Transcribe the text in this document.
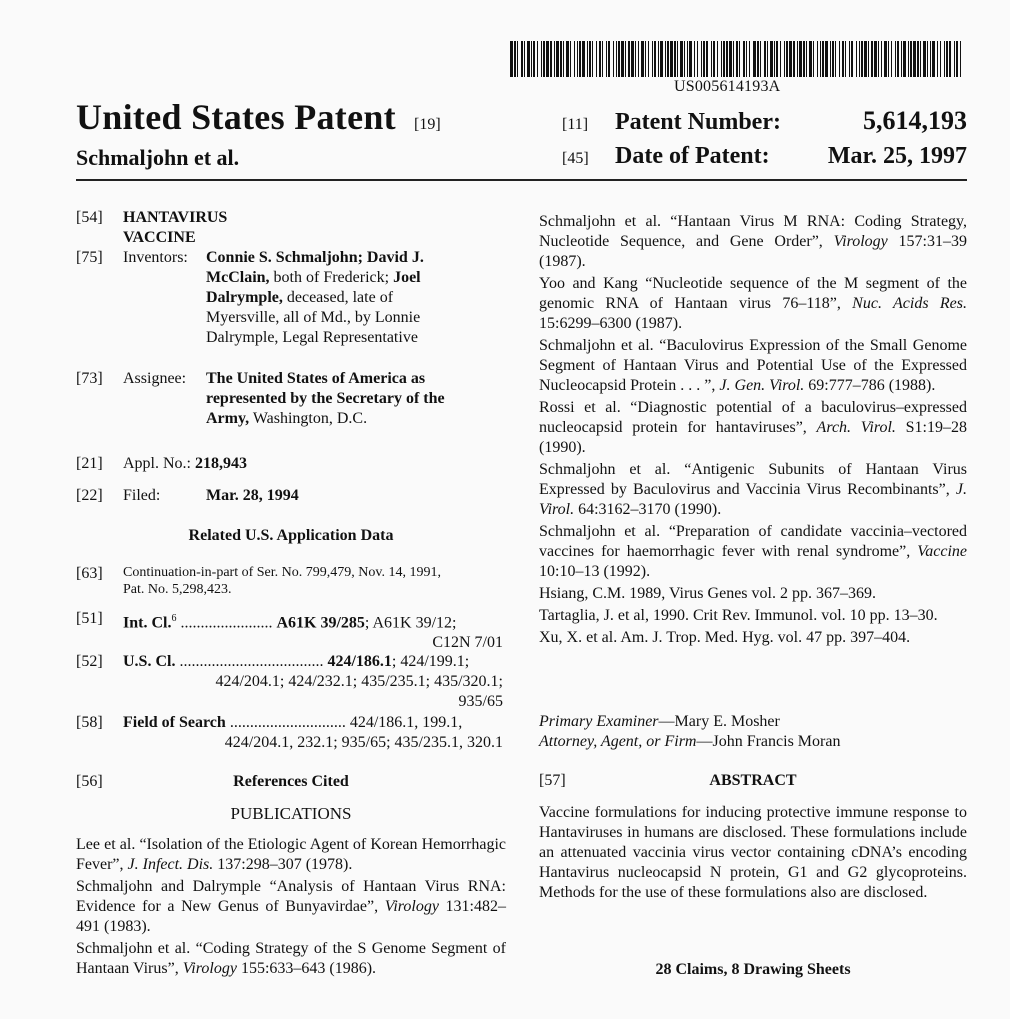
US005614193A
United States Patent [19]
Schmaljohn et al.
[11] Patent Number:	5,614,193
[45] Date of Patent:	Mar. 25, 1997
[54] HANTAVIRUS VACCINE
[75] Inventors: Connie S. Schmaljohn; David J.
McClain, both of Frederick; Joel
Dalrymple, deceased, late of
Myersville, all of Md., by Lonnie
Dalrymple, Legal Representative
[73] Assignee: The United States of America as
represented by the Secretary of the
Army, Washington, D.C.
[21] Appl. No.: 218,943
[22] Filed:	Mar. 28, 1994
Related U.S. Application Data
[63] Continuation-in-part of Ser. No. 799,479, Nov. 14, 1991,
Pat. No. 5,298,423.
[51] Int. Cl.$^6$ ....................... A61K 39/285; A61K 39/12;
C12N 7/01
[52] U.S. Cl. .................................... 424/186.1; 424/199.1;
424/204.1; 424/232.1; 435/235.1; 435/320.1;
935/65
[58] Field of Search ............................. 424/186.1, 199.1,
424/204.1, 232.1; 935/65; 435/235.1, 320.1
[56]	References Cited
PUBLICATIONS
Lee et al. “Isolation of the Etiologic Agent of Korean Hemorrhagic Fever”, J. Infect. Dis. 137:298–307 (1978).
Schmaljohn and Dalrymple “Analysis of Hantaan Virus RNA: Evidence for a New Genus of Bunyavirdae”, Virology 131:482–491 (1983).
Schmaljohn et al. “Coding Strategy of the S Genome Segment of Hantaan Virus”, Virology 155:633–643 (1986).
Schmaljohn et al. “Hantaan Virus M RNA: Coding Strategy, Nucleotide Sequence, and Gene Order”, Virology 157:31–39 (1987).
Yoo and Kang “Nucleotide sequence of the M segment of the genomic RNA of Hantaan virus 76–118”, Nuc. Acids Res. 15:6299–6300 (1987).
Schmaljohn et al. “Baculovirus Expression of the Small Genome Segment of Hantaan Virus and Potential Use of the Expressed Nucleocapsid Protein . . . ”, J. Gen. Virol. 69:777–786 (1988).
Rossi et al. “Diagnostic potential of a baculovirus–expressed nucleocapsid protein for hantaviruses”, Arch. Virol. S1:19–28 (1990).
Schmaljohn et al. “Antigenic Subunits of Hantaan Virus Expressed by Baculovirus and Vaccinia Virus Recombinants”, J. Virol. 64:3162–3170 (1990).
Schmaljohn et al. “Preparation of candidate vaccinia–vectored vaccines for haemorrhagic fever with renal syndrome”, Vaccine 10:10–13 (1992).
Hsiang, C.M. 1989, Virus Genes vol. 2 pp. 367–369.
Tartaglia, J. et al, 1990. Crit Rev. Immunol. vol. 10 pp. 13–30.
Xu, X. et al. Am. J. Trop. Med. Hyg. vol. 47 pp. 397–404.
Primary Examiner—Mary E. Mosher
Attorney, Agent, or Firm—John Francis Moran
[57]	ABSTRACT
Vaccine formulations for inducing protective immune response to Hantaviruses in humans are disclosed. These formulations include an attenuated vaccinia virus vector containing cDNA’s encoding Hantavirus nucleocapsid N protein, G1 and G2 glycoproteins. Methods for the use of these formulations also are disclosed.
28 Claims, 8 Drawing Sheets
